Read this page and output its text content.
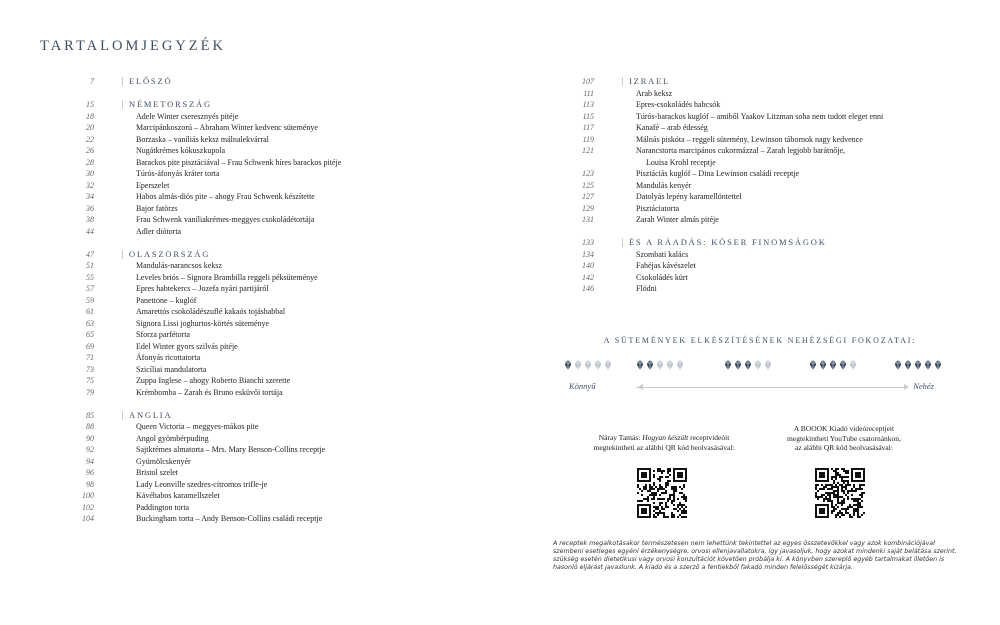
TARTALOMJEGYZÉK
7	ELŐSZÓ
15	NÉMETORSZÁG
18	Adele Winter cseresznyés pitéje
20	Marcipánkoszorú – Abraham Winter kedvenc süteménye
22	Borzaska – vaníliás keksz málnalekvárral
26	Nugátkrémes kókuszkupola
28	Barackos pite pisztáciával – Frau Schwenk híres barackos pitéje
30	Túrós-áfonyás kráter torta
32	Eperszelet
34	Habos almás-diós pite – ahogy Frau Schwenk készítette
36	Bajor fatörzs
38	Frau Schwenk vaníliakrémes-meggyes csokoládétortája
44	Adler diótorta
47	OLASZORSZÁG
51	Mandulás-narancsos keksz
55	Leveles briós – Signora Brambilla reggeli péksüteménye
57	Epres habtekercs – Jozefa nyári partijáról
59	Panettone – kuglóf
61	Amarettós csokoládészuflé kakaós tojáshabbal
63	Signora Lissi joghurtos-körtés süteménye
65	Sforza parfétorta
69	Edel Winter gyors szilvás pitéje
71	Áfonyás ricottatorta
73	Szicíliai mandulatorta
75	Zuppa Inglese – ahogy Roberto Bianchi szerette
79	Krémbomba – Zarah és Bruno esküvői tortája
85	ANGLIA
88	Queen Victoria – meggyes-mákos pite
90	Angol gyömbérpuding
92	Sajtkrémes almatorta – Mrs. Mary Benson-Collins receptje
94	Gyümölcskenyér
96	Bristol szelet
98	Lady Leonville szedres-citromos trifle-je
100	Kávéhabos karamellszelet
102	Paddington torta
104	Buckingham torta – Andy Benson-Collins családi receptje
107	IZRAEL
111	Arab keksz
113	Epres-csokoládés habcsók
115	Túrós-barackos kuglóf – amiből Yaakov Litzman soha nem tudott eleget enni
117	Kanafé – arab édesség
119	Málnás piskóta – reggeli sütemény, Lewinson tábornok nagy kedvence
121	Narancstorta marcipános cukormázzal – Zarah legjobb barátnője,
Louisa Krohl receptje
123	Pisztáciás kuglóf – Dina Lewinson családi receptje
125	Mandulás kenyér
127	Datolyás lepény karamellöntettel
129	Pisztáciatorta
131	Zarah Winter almás pitéje
133	ÉS A RÁADÁS: KÓSER FINOMSÁGOK
134	Szombati kalács
140	Fahéjas kávészelet
142	Csokoládés kürt
146	Flódni
A SÜTEMÉNYEK ELKÉSZÍTÉSÉNEK NEHÉZSÉGI FOKOZATAI:
Könnyű	Nehéz
Náray Tamás: Hogyan készült receptvideóit
megtekintheti az alábbi QR kód beolvasásával:
A BOOOK Kiadó videóreceptjeit
megtekintheti YouTube csatornánkon,
az alábbi QR kód beolvasásával:
A receptek megalkotásakor természetesen nem lehettünk tekintettel az egyes összetevőkkel vagy azok kombinációjával szembeni esetleges egyéni érzékenységre, orvosi ellenjavallatokra, így javasoljuk, hogy azokat mindenki saját belátása szerint, szükség esetén dietetikusi vagy orvosi konzultációt követően próbálja ki. A könyvben szereplő egyéb tartalmakat illetően is hasonló eljárást javaslunk. A kiadó és a szerző a fentiekből fakadó minden felelősségét kizárja.
